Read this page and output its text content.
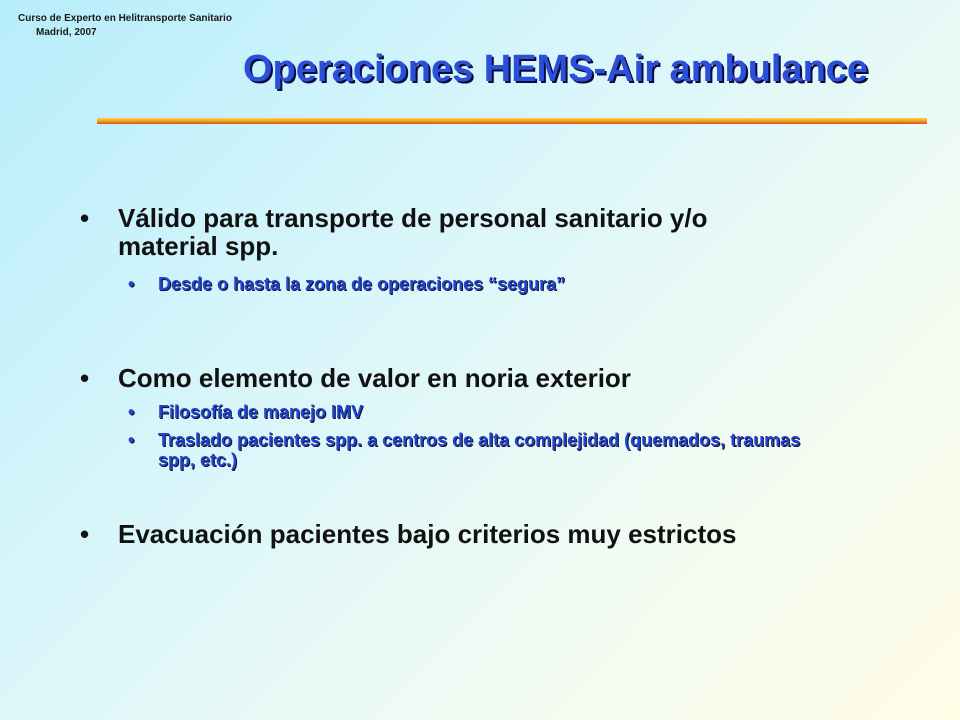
Curso de Experto en Helitransporte Sanitario
Madrid, 2007
Operaciones HEMS-Air ambulance
•	Válido para transporte de personal sanitario y/o material spp.
•	Desde o hasta la zona de operaciones “segura”
•	Como elemento de valor en noria exterior
•	Filosofía de manejo IMV
•	Traslado pacientes spp. a centros de alta complejidad (quemados, traumas spp, etc.)
•	Evacuación pacientes bajo criterios muy estrictos
